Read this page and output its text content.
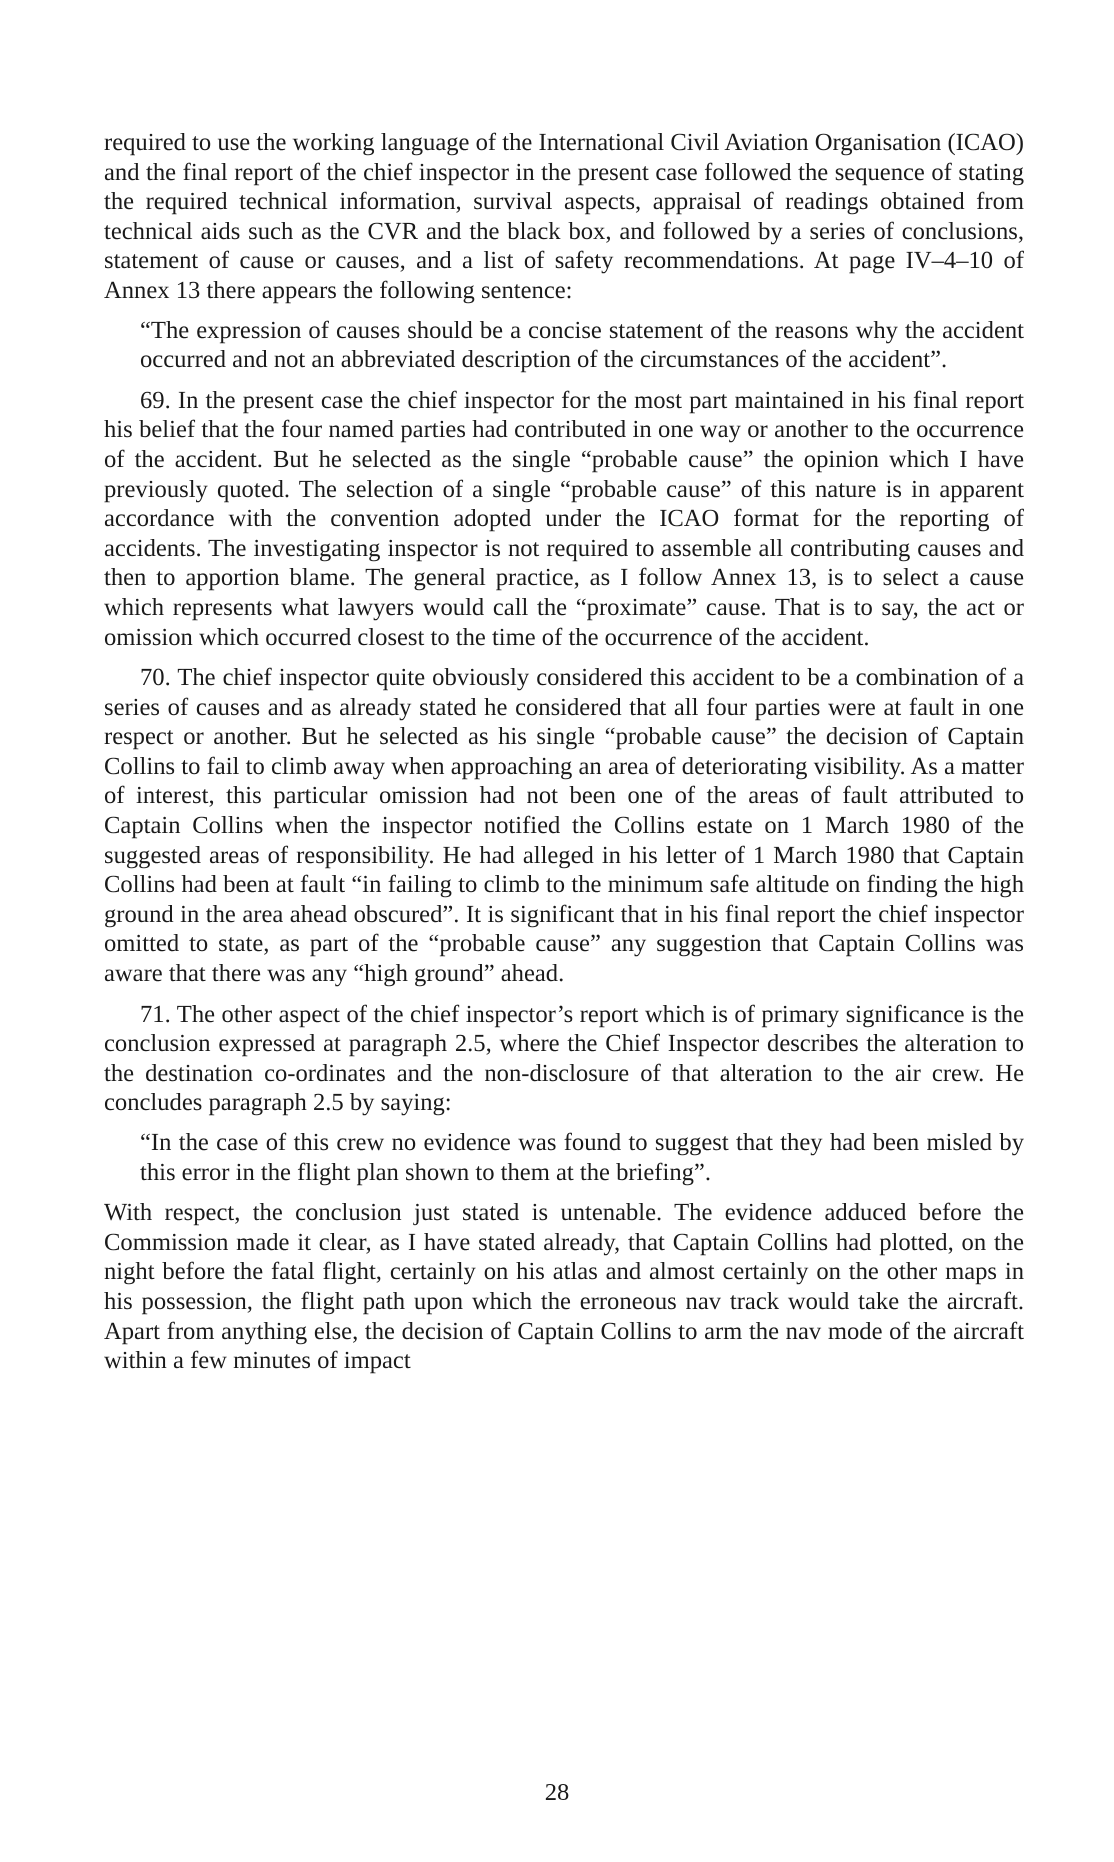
required to use the working language of the International Civil Aviation Organisation (ICAO) and the final report of the chief inspector in the present case followed the sequence of stating the required technical information, survival aspects, appraisal of readings obtained from technical aids such as the CVR and the black box, and followed by a series of conclusions, statement of cause or causes, and a list of safety recommendations. At page IV–4–10 of Annex 13 there appears the following sentence:

“The expression of causes should be a concise statement of the reasons why the accident occurred and not an abbreviated description of the circumstances of the accident”.

69. In the present case the chief inspector for the most part maintained in his final report his belief that the four named parties had contributed in one way or another to the occurrence of the accident. But he selected as the single “probable cause” the opinion which I have previously quoted. The selection of a single “probable cause” of this nature is in apparent accordance with the convention adopted under the ICAO format for the reporting of accidents. The investigating inspector is not required to assemble all contributing causes and then to apportion blame. The general practice, as I follow Annex 13, is to select a cause which represents what lawyers would call the “proximate” cause. That is to say, the act or omission which occurred closest to the time of the occurrence of the accident.

70. The chief inspector quite obviously considered this accident to be a combination of a series of causes and as already stated he considered that all four parties were at fault in one respect or another. But he selected as his single “probable cause” the decision of Captain Collins to fail to climb away when approaching an area of deteriorating visibility. As a matter of interest, this particular omission had not been one of the areas of fault attributed to Captain Collins when the inspector notified the Collins estate on 1 March 1980 of the suggested areas of responsibility. He had alleged in his letter of 1 March 1980 that Captain Collins had been at fault “in failing to climb to the minimum safe altitude on finding the high ground in the area ahead obscured”. It is significant that in his final report the chief inspector omitted to state, as part of the “probable cause” any suggestion that Captain Collins was aware that there was any “high ground” ahead.

71. The other aspect of the chief inspector’s report which is of primary significance is the conclusion expressed at paragraph 2.5, where the Chief Inspector describes the alteration to the destination co-ordinates and the non-disclosure of that alteration to the air crew. He concludes paragraph 2.5 by saying:

“In the case of this crew no evidence was found to suggest that they had been misled by this error in the flight plan shown to them at the briefing”.

With respect, the conclusion just stated is untenable. The evidence adduced before the Commission made it clear, as I have stated already, that Captain Collins had plotted, on the night before the fatal flight, certainly on his atlas and almost certainly on the other maps in his possession, the flight path upon which the erroneous nav track would take the aircraft. Apart from anything else, the decision of Captain Collins to arm the nav mode of the aircraft within a few minutes of impact

28
